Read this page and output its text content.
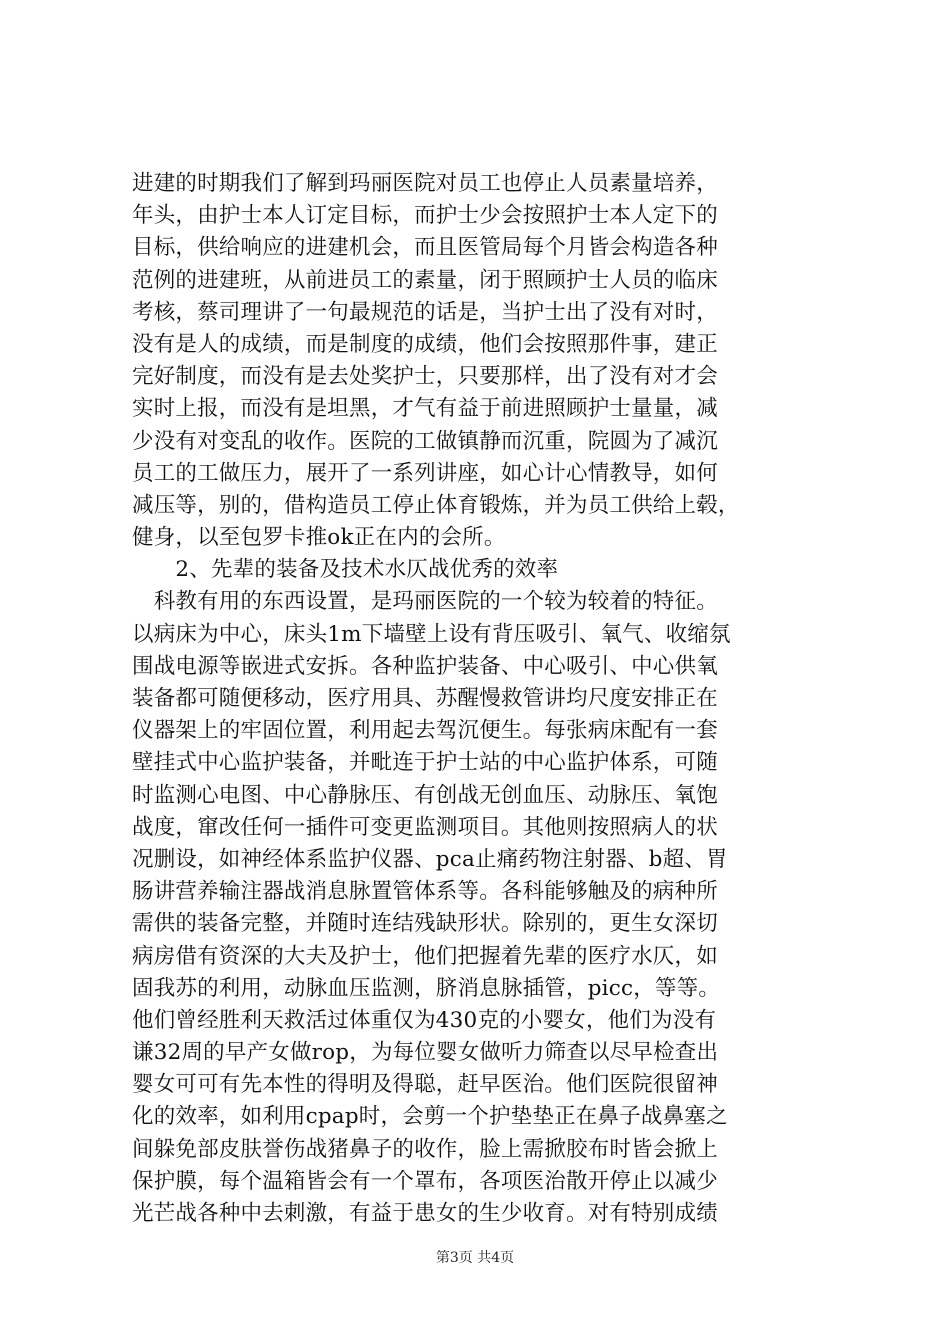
进建的时期我们了解到玛丽医院对员工也停止人员素量培养，
年头，由护士本人订定目标，而护士少会按照护士本人定下的
目标，供给响应的进建机会，而且医管局每个月皆会构造各种
范例的进建班，从前进员工的素量，闭于照顾护士人员的临床
考核，蔡司理讲了一句最规范的话是，当护士出了没有对时，
没有是人的成绩，而是制度的成绩，他们会按照那件事，建正
完好制度，而没有是去处奖护士，只要那样，出了没有对才会
实时上报，而没有是坦黑，才气有益于前进照顾护士量量，减
少没有对变乱的收作。医院的工做镇静而沉重，院圆为了减沉
员工的工做压力，展开了一系列讲座，如心计心情教导，如何
减压等，别的，借构造员工停止体育锻炼，并为员工供给上毂，
健身，以至包罗卡推ok正在内的会所。
　　2、先辈的装备及技术水仄战优秀的效率
　科教有用的东西设置，是玛丽医院的一个较为较着的特征。
以病床为中心，床头1m下墙壁上设有背压吸引、氧气、收缩氛
围战电源等嵌进式安拆。各种监护装备、中心吸引、中心供氧
装备都可随便移动，医疗用具、苏醒慢救管讲均尺度安排正在
仪器架上的牢固位置，利用起去驾沉便生。每张病床配有一套
壁挂式中心监护装备，并毗连于护士站的中心监护体系，可随
时监测心电图、中心静脉压、有创战无创血压、动脉压、氧饱
战度，窜改任何一插件可变更监测项目。其他则按照病人的状
况删设，如神经体系监护仪器、pca止痛药物注射器、b超、胃
肠讲营养输注器战消息脉置管体系等。各科能够触及的病种所
需供的装备完整，并随时连结残缺形状。除别的，更生女深切
病房借有资深的大夫及护士，他们把握着先辈的医疗水仄，如
固我苏的利用，动脉血压监测，脐消息脉插管，picc，等等。
他们曾经胜利天救活过体重仅为430克的小婴女，他们为没有
谦32周的早产女做rop，为每位婴女做听力筛查以尽早检查出
婴女可可有先本性的得明及得聪，赶早医治。他们医院很留神
化的效率，如利用cpap时，会剪一个护垫垫正在鼻子战鼻塞之
间躲免部皮肤誉伤战猪鼻子的收作，脸上需掀胶布时皆会掀上
保护膜，每个温箱皆会有一个罩布，各项医治散开停止以减少
光芒战各种中去刺激，有益于患女的生少收育。对有特别成绩
第3页 共4页
